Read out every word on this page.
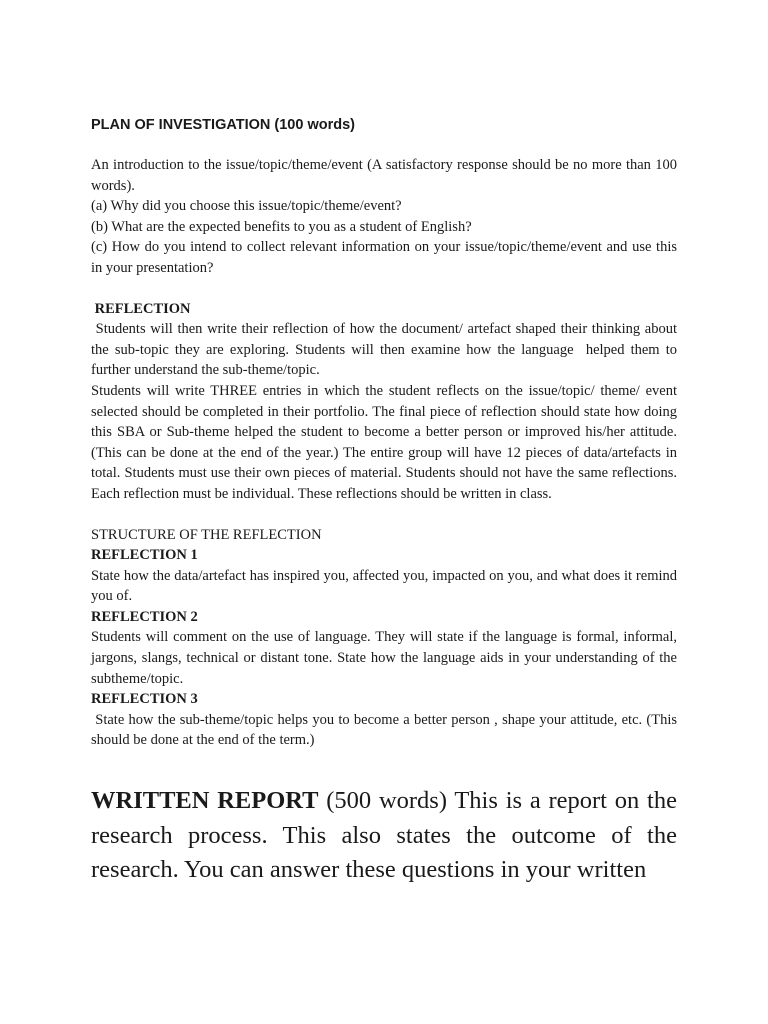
PLAN OF INVESTIGATION (100 words)

An introduction to the issue/topic/theme/event (A satisfactory response should be no more than 100 words).

(a) Why did you choose this issue/topic/theme/event?

(b) What are the expected benefits to you as a student of English?

(c) How do you intend to collect relevant information on your issue/topic/theme/event and use this in your presentation?

REFLECTION

Students will then write their reflection of how the document/ artefact shaped their thinking about the sub-topic they are exploring. Students will then examine how the language  helped them to further understand the sub-theme/topic.

Students will write THREE entries in which the student reflects on the issue/topic/ theme/ event selected should be completed in their portfolio. The final piece of reflection should state how doing this SBA or Sub-theme helped the student to become a better person or improved his/her attitude. (This can be done at the end of the year.) The entire group will have 12 pieces of data/artefacts in total. Students must use their own pieces of material. Students should not have the same reflections. Each reflection must be individual. These reflections should be written in class.

STRUCTURE OF THE REFLECTION

REFLECTION 1

State how the data/artefact has inspired you, affected you, impacted on you, and what does it remind you of.

REFLECTION 2

Students will comment on the use of language. They will state if the language is formal, informal, jargons, slangs, technical or distant tone. State how the language aids in your understanding of the subtheme/topic.

REFLECTION 3

State how the sub-theme/topic helps you to become a better person , shape your attitude, etc. (This should be done at the end of the term.)

WRITTEN REPORT (500 words) This is a report on the research process. This also states the outcome of the research. You can answer these questions in your written
